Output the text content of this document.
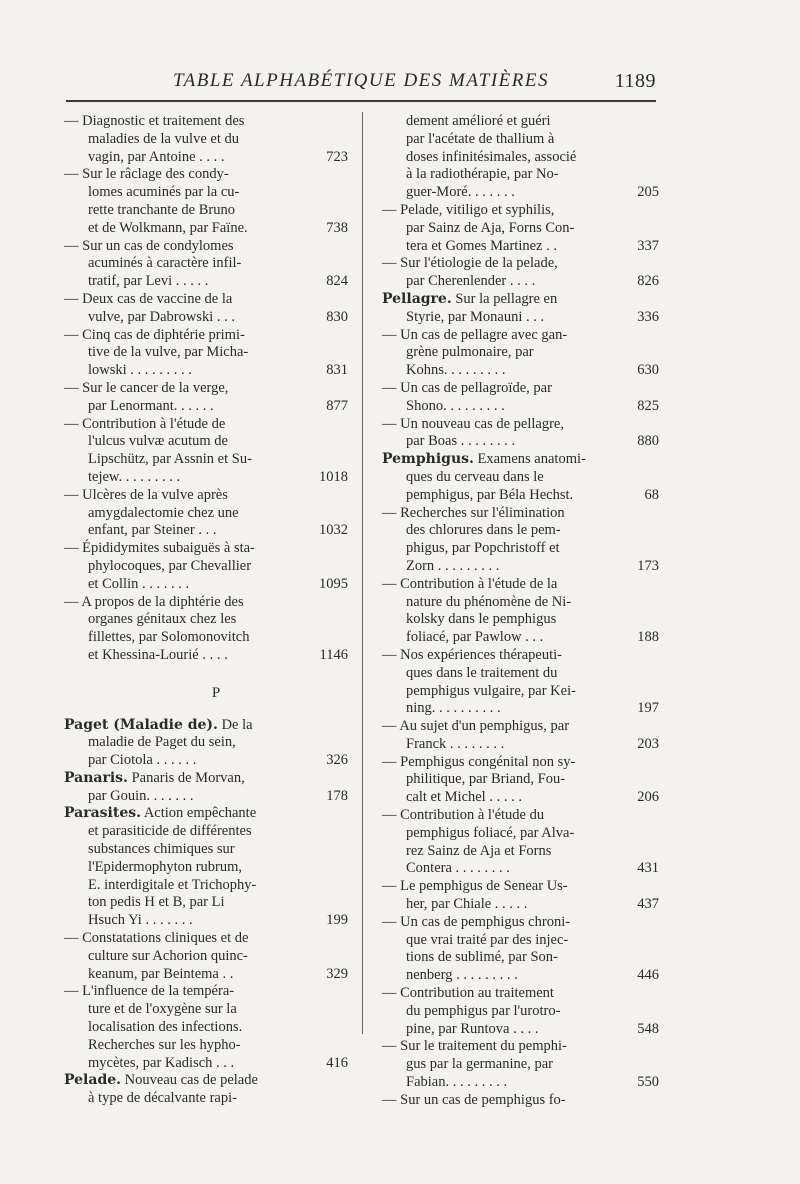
TABLE ALPHABÉTIQUE DES MATIÈRES	1189
— Diagnostic et traitement des
maladies de la vulve et du
vagin, par Antoine . . . .	723
— Sur le râclage des condy-
lomes acuminés par la cu-
rette tranchante de Bruno
et de Wolkmann, par Faïne.	738
— Sur un cas de condylomes
acuminés à caractère infil-
tratif, par Levi . . . . .	824
— Deux cas de vaccine de la
vulve, par Dabrowski . . .	830
— Cinq cas de diphtérie primi-
tive de la vulve, par Micha-
lowski . . . . . . . . .	831
— Sur le cancer de la verge,
par Lenormant. . . . . .	877
— Contribution à l'étude de
l'ulcus vulvæ acutum de
Lipschütz, par Assnin et Su-
tejew. . . . . . . . .	1018
— Ulcères de la vulve après
amygdalectomie chez une
enfant, par Steiner . . .	1032
— Épididymites subaiguës à sta-
phylocoques, par Chevallier
et Collin . . . . . . .	1095
— A propos de la diphtérie des
organes génitaux chez les
fillettes, par Solomonovitch
et Khessina-Lourié . . . .	1146
P
Paget (Maladie de). De la
maladie de Paget du sein,
par Ciotola . . . . . .	326
Panaris. Panaris de Morvan,
par Gouin. . . . . . .	178
Parasites. Action empêchante
et parasiticide de différentes
substances chimiques sur
l'Epidermophyton rubrum,
E. interdigitale et Trichophy-
ton pedis H et B, par Li
Hsuch Yi . . . . . . .	199
— Constatations cliniques et de
culture sur Achorion quinc-
keanum, par Beintema . .	329
— L'influence de la tempéra-
ture et de l'oxygène sur la
localisation des infections.
Recherches sur les hypho-
mycètes, par Kadisch . . .	416
Pelade. Nouveau cas de pelade
à type de décalvante rapi-
dement amélioré et guéri
par l'acétate de thallium à
doses infinitésimales, associé
à la radiothérapie, par No-
guer-Moré. . . . . . .	205
— Pelade, vitiligo et syphilis,
par Sainz de Aja, Forns Con-
tera et Gomes Martinez . .	337
— Sur l'étiologie de la pelade,
par Cherenlender . . . .	826
Pellagre. Sur la pellagre en
Styrie, par Monauni . . .	336
— Un cas de pellagre avec gan-
grène pulmonaire, par
Kohns. . . . . . . . .	630
— Un cas de pellagroïde, par
Shono. . . . . . . . .	825
— Un nouveau cas de pellagre,
par Boas . . . . . . . .	880
Pemphigus. Examens anatomi-
ques du cerveau dans le
pemphigus, par Béla Hechst.	68
— Recherches sur l'élimination
des chlorures dans le pem-
phigus, par Popchristoff et
Zorn . . . . . . . . .	173
— Contribution à l'étude de la
nature du phénomène de Ni-
kolsky dans le pemphigus
foliacé, par Pawlow . . .	188
— Nos expériences thérapeuti-
ques dans le traitement du
pemphigus vulgaire, par Kei-
ning. . . . . . . . . .	197
— Au sujet d'un pemphigus, par
Franck . . . . . . . .	203
— Pemphigus congénital non sy-
philitique, par Briand, Fou-
calt et Michel . . . . .	206
— Contribution à l'étude du
pemphigus foliacé, par Alva-
rez Sainz de Aja et Forns
Contera . . . . . . . .	431
— Le pemphigus de Senear Us-
her, par Chiale . . . . .	437
— Un cas de pemphigus chroni-
que vrai traité par des injec-
tions de sublimé, par Son-
nenberg . . . . . . . . .	446
— Contribution au traitement
du pemphigus par l'urotro-
pine, par Runtova . . . .	548
— Sur le traitement du pemphi-
gus par la germanine, par
Fabian. . . . . . . . .	550
— Sur un cas de pemphigus fo-
